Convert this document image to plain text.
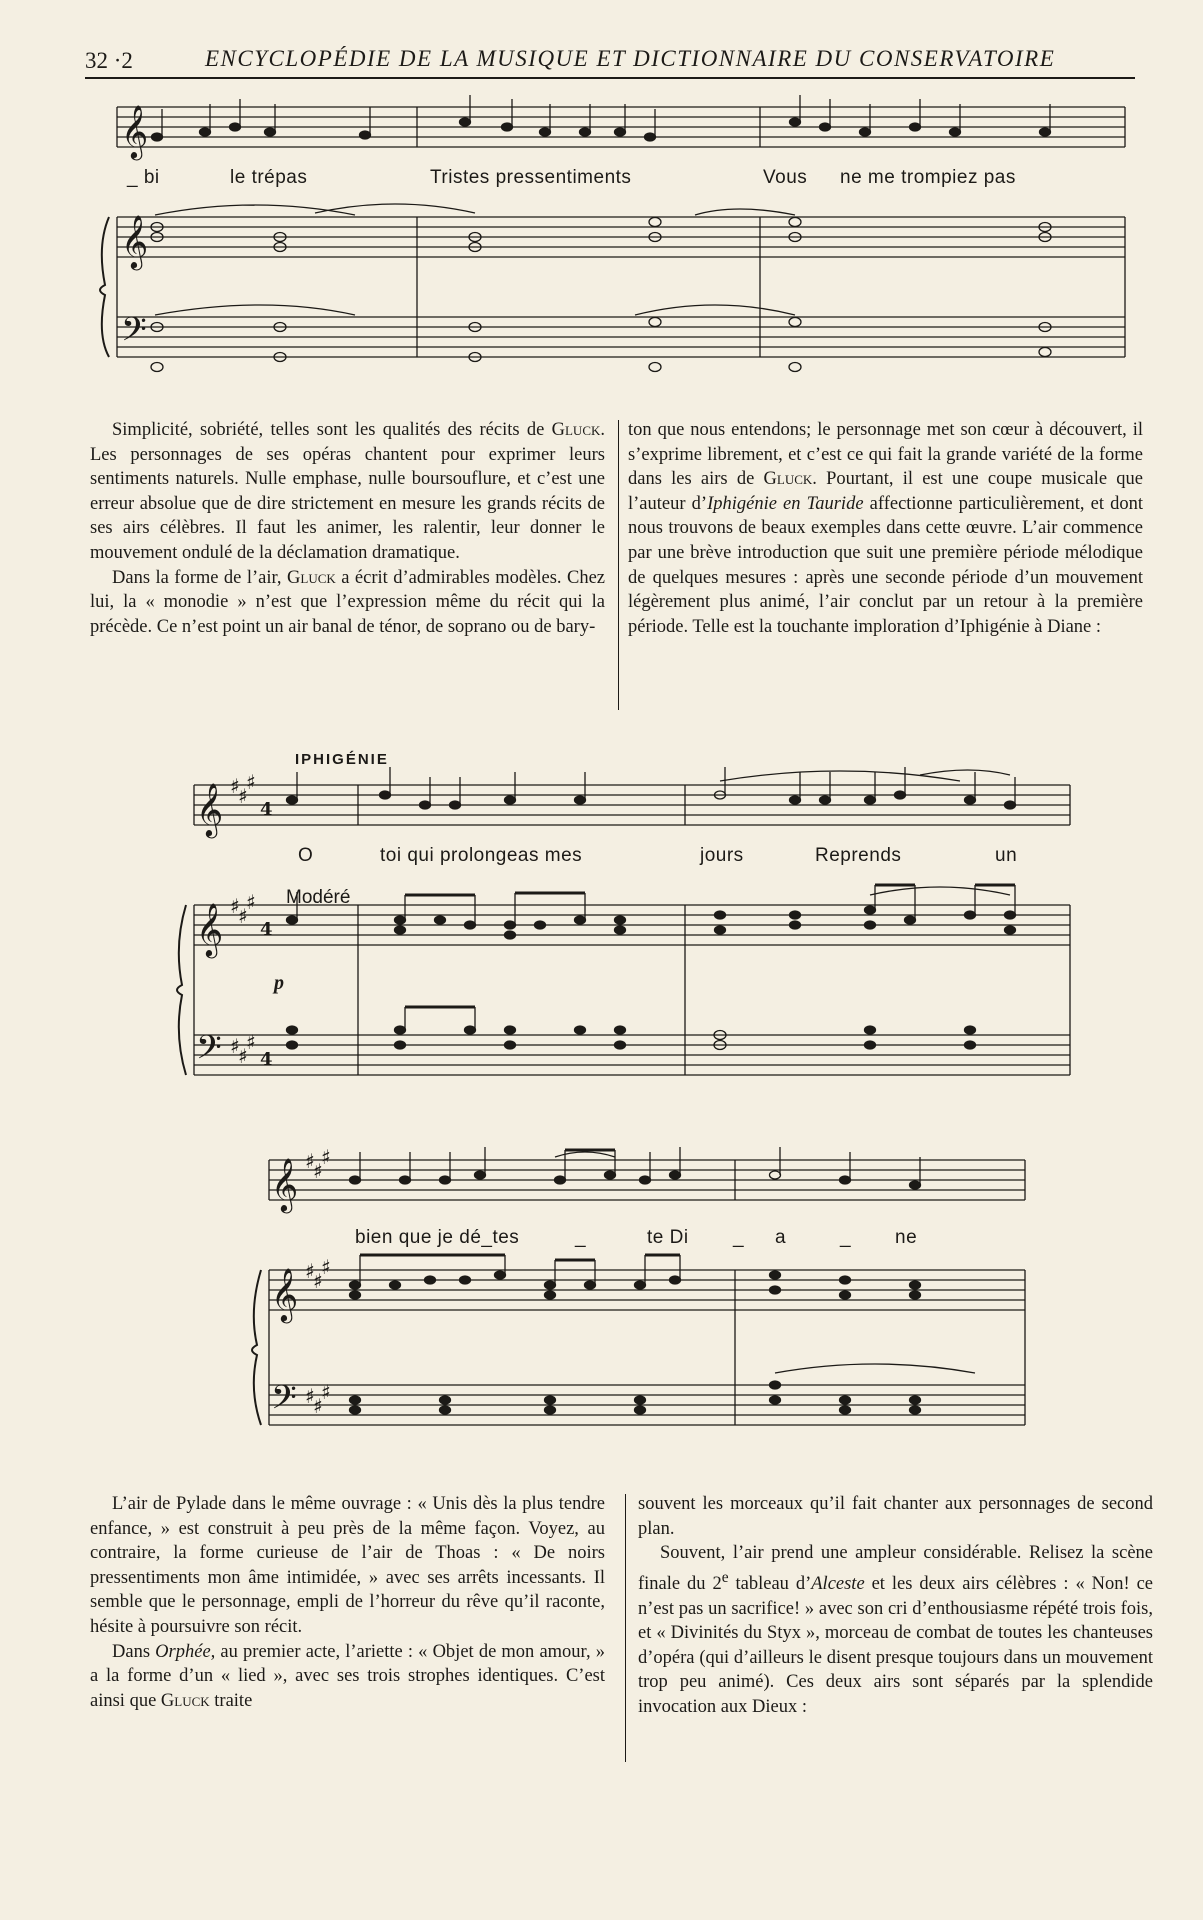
32 ·2	ENCYCLOPÉDIE DE LA MUSIQUE ET DICTIONNAIRE DU CONSERVATOIRE
𝄞
𝄞
𝄢
_ bi	le trépas	Tristes pressentiments	Vous ne me trompiez pas

Simplicité, sobriété, telles sont les qualités des récits de Gluck. Les personnages de ses opéras chantent pour exprimer leurs sentiments naturels. Nulle emphase, nulle boursouflure, et c’est une erreur absolue que de dire strictement en mesure les grands récits de ses airs célèbres. Il faut les animer, les ralentir, leur donner le mouvement ondulé de la déclamation dramatique.

Dans la forme de l’air, Gluck a écrit d’admirables modèles. Chez lui, la « monodie » n’est que l’expression même du récit qui la précède. Ce n’est point un air banal de ténor, de soprano ou de bary-

ton que nous entendons; le personnage met son cœur à découvert, il s’exprime librement, et c’est ce qui fait la grande variété de la forme dans les airs de Gluck. Pourtant, il est une coupe musicale que l’auteur d’Iphigénie en Tauride affectionne particulièrement, et dont nous trouvons de beaux exemples dans cette œuvre. L’air commence par une brève introduction que suit une première période mélodique de quelques mesures : après une seconde période d’un mouvement légèrement plus animé, l’air conclut par un retour à la première période. Telle est la touchante imploration d’Iphigénie à Diane :

IPHIGÉNIE
𝄞
𝄞
𝄢
♯
♯
♯
♯
♯
♯
♯
♯
♯
4
4
4
O	toi qui prolongeas mes	jours	Reprends	un
Modéré
p
𝄞
𝄞
𝄢
♯
♯
♯
♯
♯
♯
♯
♯
♯
bien que je dé_tes	_	te Di _ a	_ ne

L’air de Pylade dans le même ouvrage : « Unis dès la plus tendre enfance, » est construit à peu près de la même façon. Voyez, au contraire, la forme curieuse de l’air de Thoas : « De noirs pressentiments mon âme intimidée, » avec ses arrêts incessants. Il semble que le personnage, empli de l’horreur du rêve qu’il raconte, hésite à poursuivre son récit.

Dans Orphée, au premier acte, l’ariette : « Objet de mon amour, » a la forme d’un « lied », avec ses trois strophes identiques. C’est ainsi que Gluck traite

souvent les morceaux qu’il fait chanter aux personnages de second plan.

Souvent, l’air prend une ampleur considérable. Relisez la scène finale du 2e tableau d’Alceste et les deux airs célèbres : « Non! ce n’est pas un sacrifice! » avec son cri d’enthousiasme répété trois fois, et « Divinités du Styx », morceau de combat de toutes les chanteuses d’opéra (qui d’ailleurs le disent presque toujours dans un mouvement trop peu animé). Ces deux airs sont séparés par la splendide invocation aux Dieux :
